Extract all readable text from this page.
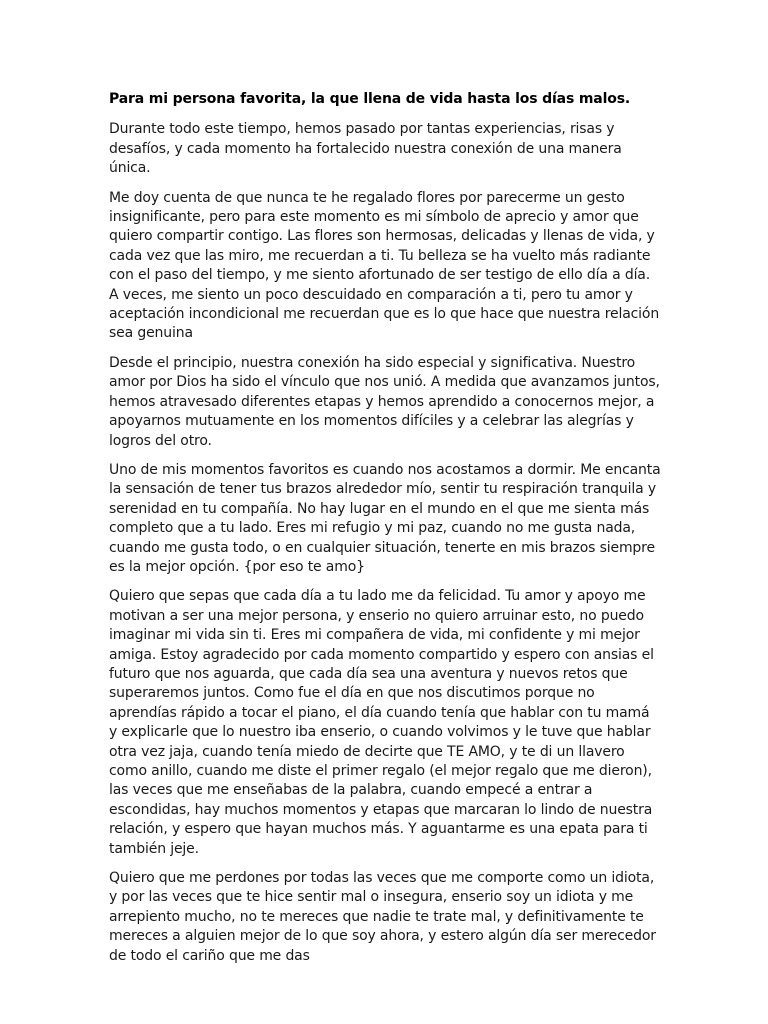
Para mi persona favorita, la que llena de vida hasta los días malos.

Durante todo este tiempo, hemos pasado por tantas experiencias, risas y desafíos, y cada momento ha fortalecido nuestra conexión de una manera única.

Me doy cuenta de que nunca te he regalado flores por parecerme un gesto insignificante, pero para este momento es mi símbolo de aprecio y amor que quiero compartir contigo. Las flores son hermosas, delicadas y llenas de vida, y cada vez que las miro, me recuerdan a ti. Tu belleza se ha vuelto más radiante con el paso del tiempo, y me siento afortunado de ser testigo de ello día a día. A veces, me siento un poco descuidado en comparación a ti, pero tu amor y aceptación incondicional me recuerdan que es lo que hace que nuestra relación sea genuina

Desde el principio, nuestra conexión ha sido especial y significativa. Nuestro amor por Dios ha sido el vínculo que nos unió. A medida que avanzamos juntos, hemos atravesado diferentes etapas y hemos aprendido a conocernos mejor, a apoyarnos mutuamente en los momentos difíciles y a celebrar las alegrías y logros del otro.

Uno de mis momentos favoritos es cuando nos acostamos a dormir. Me encanta la sensación de tener tus brazos alrededor mío, sentir tu respiración tranquila y serenidad en tu compañía. No hay lugar en el mundo en el que me sienta más completo que a tu lado. Eres mi refugio y mi paz, cuando no me gusta nada, cuando me gusta todo, o en cualquier situación, tenerte en mis brazos siempre es la mejor opción. {por eso te amo}

Quiero que sepas que cada día a tu lado me da felicidad. Tu amor y apoyo me motivan a ser una mejor persona, y enserio no quiero arruinar esto, no puedo imaginar mi vida sin ti. Eres mi compañera de vida, mi confidente y mi mejor amiga. Estoy agradecido por cada momento compartido y espero con ansias el futuro que nos aguarda, que cada día sea una aventura y nuevos retos que superaremos juntos. Como fue el día en que nos discutimos porque no aprendías rápido a tocar el piano, el día cuando tenía que hablar con tu mamá y explicarle que lo nuestro iba enserio, o cuando volvimos y le tuve que hablar otra vez jaja, cuando tenía miedo de decirte que TE AMO, y te di un llavero como anillo, cuando me diste el primer regalo (el mejor regalo que me dieron), las veces que me enseñabas de la palabra, cuando empecé a entrar a escondidas, hay muchos momentos y etapas que marcaran lo lindo de nuestra relación, y espero que hayan muchos más. Y aguantarme es una epata para ti también jeje.

Quiero que me perdones por todas las veces que me comporte como un idiota, y por las veces que te hice sentir mal o insegura, enserio soy un idiota y me arrepiento mucho, no te mereces que nadie te trate mal, y definitivamente te mereces a alguien mejor de lo que soy ahora, y estero algún día ser merecedor de todo el cariño que me das
